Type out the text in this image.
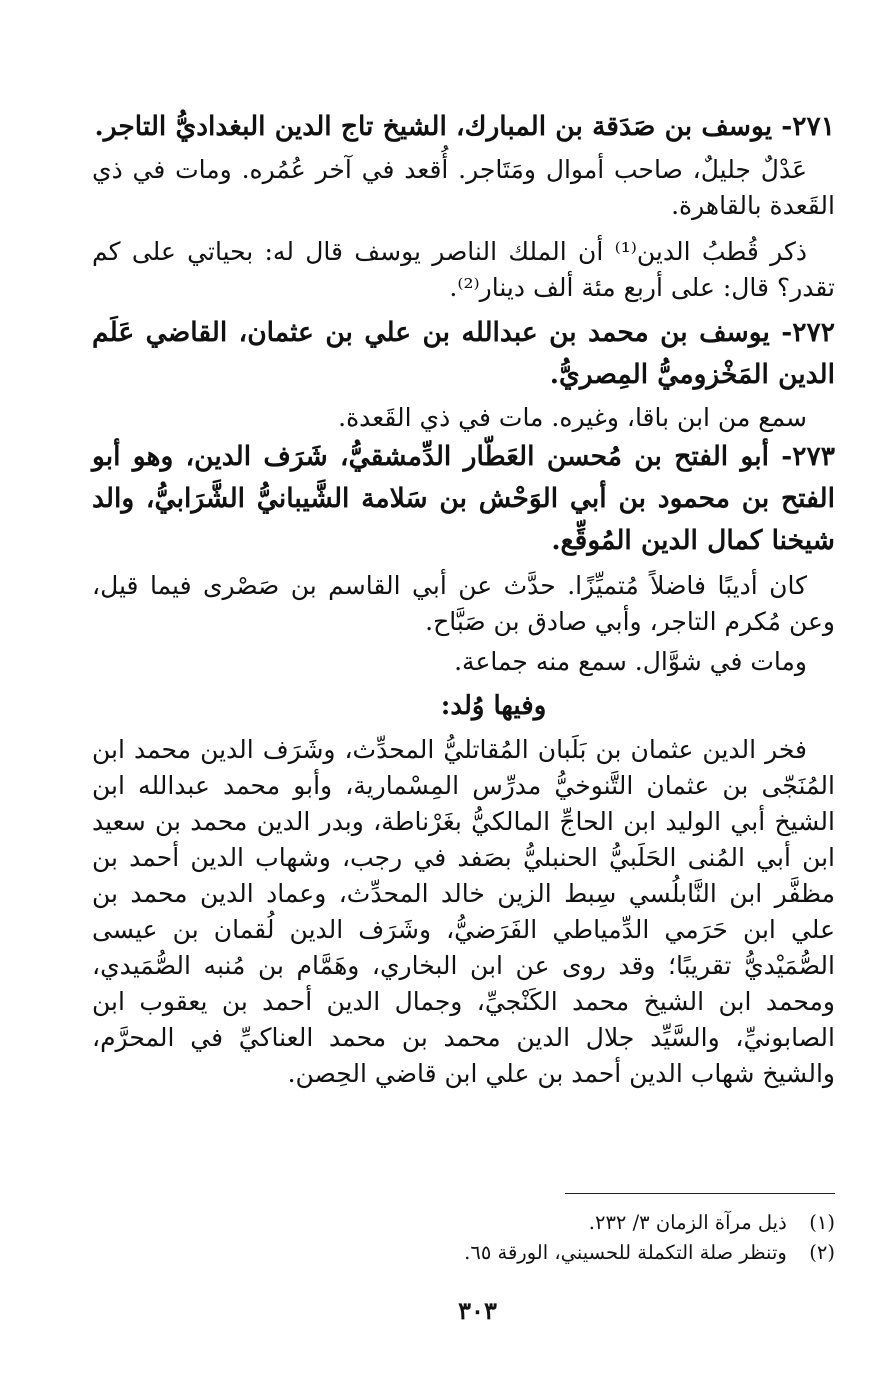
٢٧١- يوسف بن صَدَقة بن المبارك، الشيخ تاج الدين البغداديُّ التاجر.

عَدْلٌ جليلٌ، صاحب أموال ومَتَاجر. أُقعد في آخر عُمُره. ومات في ذي القَعدة بالقاهرة.

ذكر قُطبُ الدين⁽¹⁾ أن الملك الناصر يوسف قال له: بحياتي على كم تقدر؟ قال: على أربع مئة ألف دينار⁽²⁾.

٢٧٢- يوسف بن محمد بن عبدالله بن علي بن عثمان، القاضي عَلَم الدين المَخْزوميُّ المِصريُّ.

سمع من ابن باقا، وغيره. مات في ذي القَعدة.

٢٧٣- أبو الفتح بن مُحسن العَطّار الدِّمشقيُّ، شَرَف الدين، وهو أبو الفتح بن محمود بن أبي الوَحْش بن سَلامة الشَّيبانيُّ الشَّرَابيُّ، والد شيخنا كمال الدين المُوقِّع.

كان أديبًا فاضلاً مُتميِّزًا. حدَّث عن أبي القاسم بن صَصْرى فيما قيل، وعن مُكرم التاجر، وأبي صادق بن صَبَّاح.

ومات في شوَّال. سمع منه جماعة.

وفيها وُلد:

فخر الدين عثمان بن بَلَبان المُقاتليُّ المحدِّث، وشَرَف الدين محمد ابن المُنَجّى بن عثمان التَّنوخيُّ مدرِّس المِسْمارية، وأبو محمد عبدالله ابن الشيخ أبي الوليد ابن الحاجِّ المالكيُّ بغَرْناطة، وبدر الدين محمد بن سعيد ابن أبي المُنى الحَلَبيُّ الحنبليُّ بصَفد في رجب، وشهاب الدين أحمد بن مظفَّر ابن النَّابلُسي سِبط الزين خالد المحدِّث، وعماد الدين محمد بن علي ابن حَرَمي الدِّمياطي الفَرَضيُّ، وشَرَف الدين لُقمان بن عيسى الصُّمَيْديُّ تقريبًا؛ وقد روى عن ابن البخاري، وهَمَّام بن مُنبه الصُّمَيدي، ومحمد ابن الشيخ محمد الكَنْجيِّ، وجمال الدين أحمد بن يعقوب ابن الصابونيِّ، والسَّيِّد جلال الدين محمد بن محمد العناكيِّ في المحرَّم، والشيخ شهاب الدين أحمد بن علي ابن قاضي الحِصن.

(١) ذيل مرآة الزمان ٣/ ٢٣٢.

(٢) وتنظر صلة التكملة للحسيني، الورقة ٦٥.

٣٠٣
